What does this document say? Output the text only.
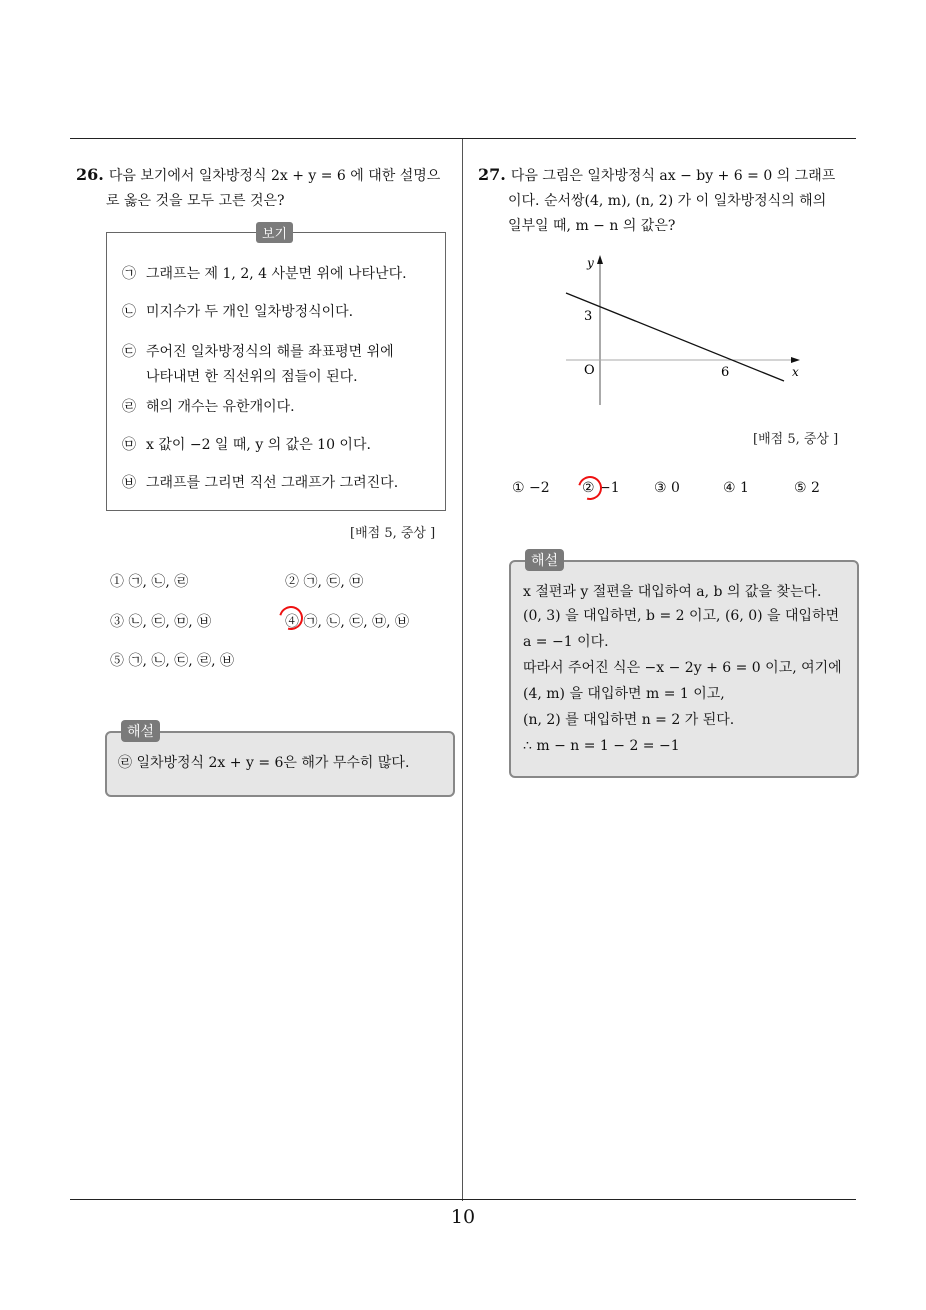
26. 다음 보기에서 일차방정식 2x + y = 6 에 대한 설명으
로 옳은 것을 모두 고른 것은?
보기
㉠ 그래프는 제 1, 2, 4 사분면 위에 나타난다.
㉡ 미지수가 두 개인 일차방정식이다.
㉢ 주어진 일차방정식의 해를 좌표평면 위에
나타내면 한 직선위의 점들이 된다.
㉣ 해의 개수는 유한개이다.
㉤ x 값이 −2 일 때, y 의 값은 10 이다.
㉥ 그래프를 그리면 직선 그래프가 그려진다.
[배점 5, 중상 ]
① ㉠, ㉡, ㉣	② ㉠, ㉢, ㉤
③ ㉡, ㉢, ㉤, ㉥	④ ㉠, ㉡, ㉢, ㉤, ㉥
⑤ ㉠, ㉡, ㉢, ㉣, ㉥
해설
㉣ 일차방정식 2x + y = 6은 해가 무수히 많다.
27. 다음 그림은 일차방정식 ax − by + 6 = 0 의 그래프
이다. 순서쌍(4, m), (n, 2) 가 이 일차방정식의 해의
일부일 때, m − n 의 값은?
y
x
O
3
6
[배점 5, 중상 ]
① −2 ② −1 ③ 0	④ 1	⑤ 2
해설
x 절편과 y 절편을 대입하여 a, b 의 값을 찾는다.
(0, 3) 을 대입하면, b = 2 이고, (6, 0) 을 대입하면
a = −1 이다.
따라서 주어진 식은 −x − 2y + 6 = 0 이고, 여기에
(4, m) 을 대입하면 m = 1 이고,
(n, 2) 를 대입하면 n = 2 가 된다.
∴ m − n = 1 − 2 = −1
10
